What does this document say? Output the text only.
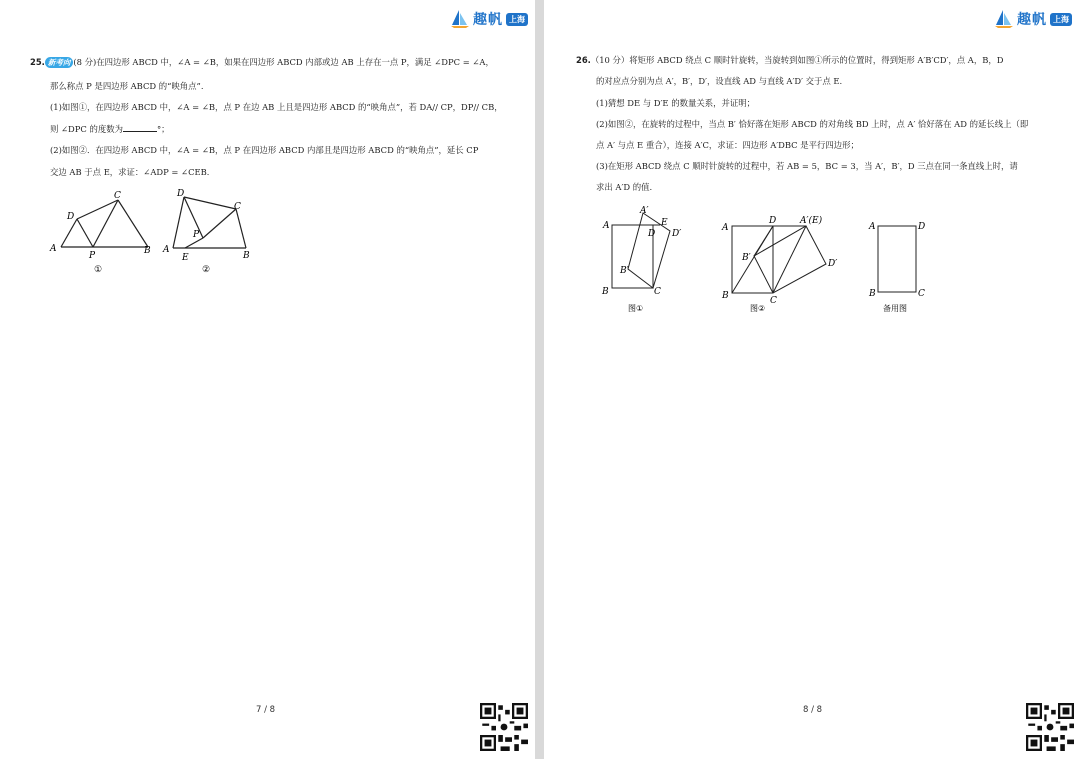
趣帆 上海
25. 新考向 (8 分)在四边形 ABCD 中，∠A = ∠B，如果在四边形 ABCD 内部或边 AB 上存在一点 P，满足 ∠DPC = ∠A，
那么称点 P 是四边形 ABCD 的“映角点”.
(1)如图①，在四边形 ABCD 中，∠A = ∠B，点 P 在边 AB 上且是四边形 ABCD 的“映角点”，若 DA// CP，DP// CB，
则 ∠DPC 的度数为	°；
(2)如图②．在四边形 ABCD 中，∠A = ∠B，点 P 在四边形 ABCD 内部且是四边形 ABCD 的“映角点”，延长 CP
交边 AB 于点 E，求证：∠ADP = ∠CEB．
A	B
C
D
P
①
A
B
C
D
P
E
②
7 / 8
趣帆 上海
26.（10 分）将矩形 ABCD 绕点 C 顺时针旋转，当旋转到如图①所示的位置时，得到矩形 A′B′CD′，点 A，B，D
的对应点分别为点 A′，B′，D′，设直线 AD 与直线 A′D′ 交于点 E.
(1)猜想 DE 与 D′E 的数量关系，并证明；
(2)如图②，在旋转的过程中，当点 B′ 恰好落在矩形 ABCD 的对角线 BD 上时，点 A′ 恰好落在 AD 的延长线上（即
点 A′ 与点 E 重合），连接 A′C，求证：四边形 A′DBC 是平行四边形；
(3)在矩形 ABCD 绕点 C 顺时针旋转的过程中，若 AB = 5，BC = 3，当 A′，B′，D 三点在同一条直线上时，请
求出 A′D 的值.
A
A′
E
D D′
B′
B	C
图①
A
D	A′(E)
B′
D′
B	C
图②
A	D
B	C
备用图
8 / 8
